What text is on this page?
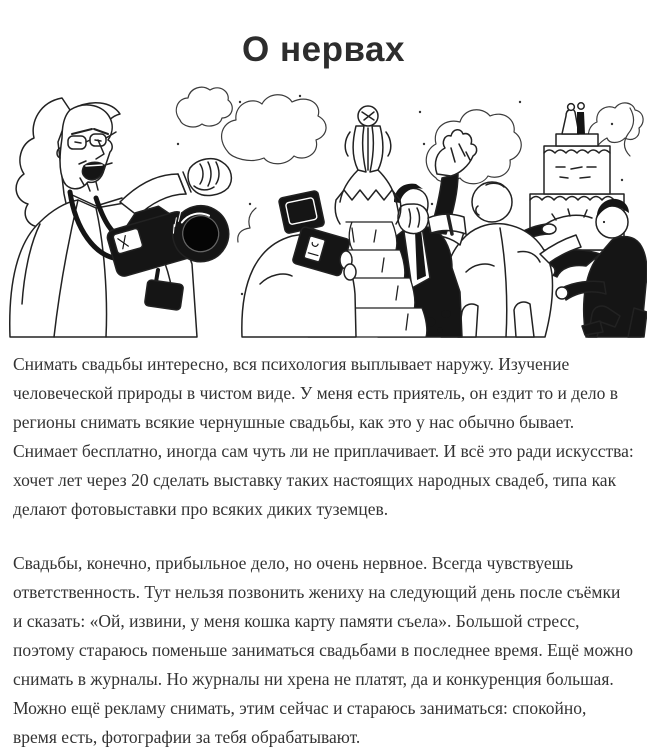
О нервах

Снимать свадьбы интересно, вся психология выплывает наружу. Изучение человеческой природы в чистом виде. У меня есть приятель, он ездит то и дело в регионы снимать всякие чернушные свадьбы, как это у нас обычно бывает. Снимает бесплатно, иногда сам чуть ли не приплачивает. И всё это ради искусства: хочет лет через 20 сделать выставку таких настоящих народных свадеб, типа как делают фотовыставки про всяких диких туземцев.

Свадьбы, конечно, прибыльное дело, но очень нервное. Всегда чувствуешь ответственность. Тут нельзя позвонить жениху на следующий день после съёмки и сказать: «Ой, извини, у меня кошка карту памяти съела». Большой стресс, поэтому стараюсь поменьше заниматься свадьбами в последнее время. Ещё можно снимать в журналы. Но журналы ни хрена не платят, да и конкуренция большая. Можно ещё рекламу снимать, этим сейчас и стараюсь заниматься: спокойно, время есть, фотографии за тебя обрабатывают.
